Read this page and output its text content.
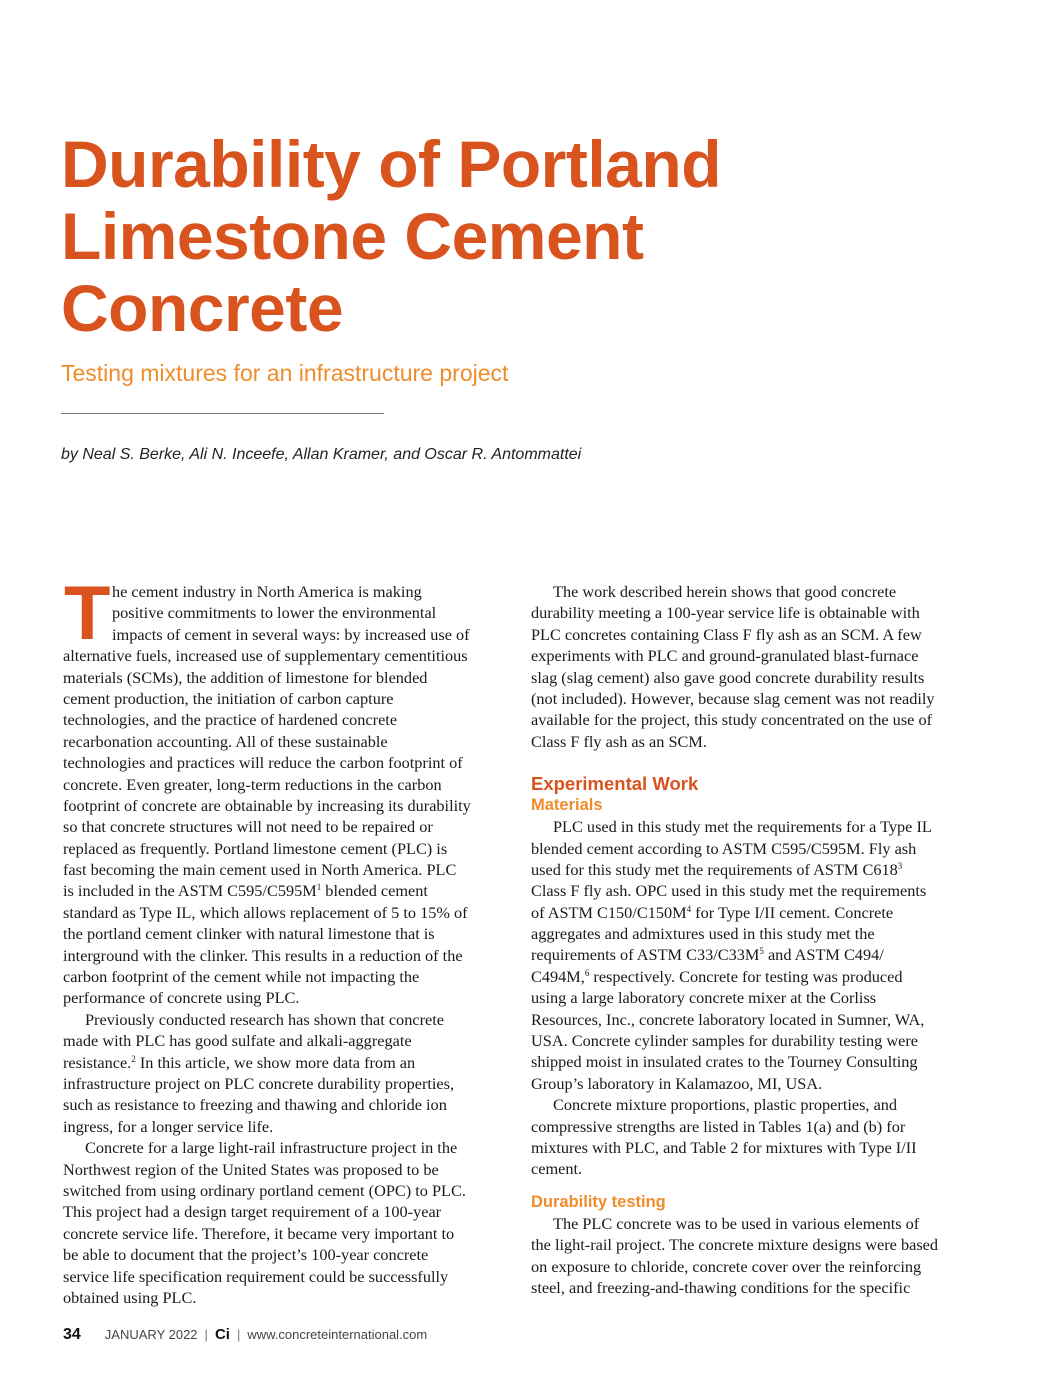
Durability of Portland
Limestone Cement
Concrete
Testing mixtures for an infrastructure project
by Neal S. Berke, Ali N. Inceefe, Allan Kramer, and Oscar R. Antommattei
T he cement industry in North America is making
positive commitments to lower the environmental
impacts of cement in several ways: by increased use of
alternative fuels, increased use of supplementary cementitious
materials (SCMs), the addition of limestone for blended
cement production, the initiation of carbon capture
technologies, and the practice of hardened concrete
recarbonation accounting. All of these sustainable
technologies and practices will reduce the carbon footprint of
concrete. Even greater, long-term reductions in the carbon
footprint of concrete are obtainable by increasing its durability
so that concrete structures will not need to be repaired or
replaced as frequently. Portland limestone cement (PLC) is
fast becoming the main cement used in North America. PLC
is included in the ASTM $C595/C595M^1$ blended cement
standard as Type IL, which allows replacement of 5 to 15% of
the portland cement clinker with natural limestone that is
interground with the clinker. This results in a reduction of the
carbon footprint of the cement while not impacting the
performance of concrete using PLC.
Previously conducted research has shown that concrete
made with PLC has good sulfate and alkali-aggregate
resistance.$^2$ In this article, we show more data from an
infrastructure project on PLC concrete durability properties,
such as resistance to freezing and thawing and chloride ion
ingress, for a longer service life.
Concrete for a large light-rail infrastructure project in the
Northwest region of the United States was proposed to be
switched from using ordinary portland cement (OPC) to PLC.
This project had a design target requirement of a 100-year
concrete service life. Therefore, it became very important to
be able to document that the project’s 100-year concrete
service life specification requirement could be successfully
obtained using PLC.
The work described herein shows that good concrete
durability meeting a 100-year service life is obtainable with
PLC concretes containing Class F fly ash as an SCM. A few
experiments with PLC and ground-granulated blast-furnace
slag (slag cement) also gave good concrete durability results
(not included). However, because slag cement was not readily
available for the project, this study concentrated on the use of
Class F fly ash as an SCM.
Experimental Work
Materials
PLC used in this study met the requirements for a Type IL
blended cement according to ASTM C595/C595M. Fly ash
used for this study met the requirements of ASTM $C618^3$
Class F fly ash. OPC used in this study met the requirements
of ASTM $C150/C150M^4$ for Type I/II cement. Concrete
aggregates and admixtures used in this study met the
requirements of ASTM $C33/C33M^5$ and ASTM C494/
C494M,$^6$ respectively. Concrete for testing was produced
using a large laboratory concrete mixer at the Corliss
Resources, Inc., concrete laboratory located in Sumner, WA,
USA. Concrete cylinder samples for durability testing were
shipped moist in insulated crates to the Tourney Consulting
Group’s laboratory in Kalamazoo, MI, USA.
Concrete mixture proportions, plastic properties, and
compressive strengths are listed in Tables 1(a) and (b) for
mixtures with PLC, and Table 2 for mixtures with Type I/II
cement.
Durability testing
The PLC concrete was to be used in various elements of
the light-rail project. The concrete mixture designs were based
on exposure to chloride, concrete cover over the reinforcing
steel, and freezing-and-thawing conditions for the specific
34 JANUARY 2022 | Ci | www.concreteinternational.com
